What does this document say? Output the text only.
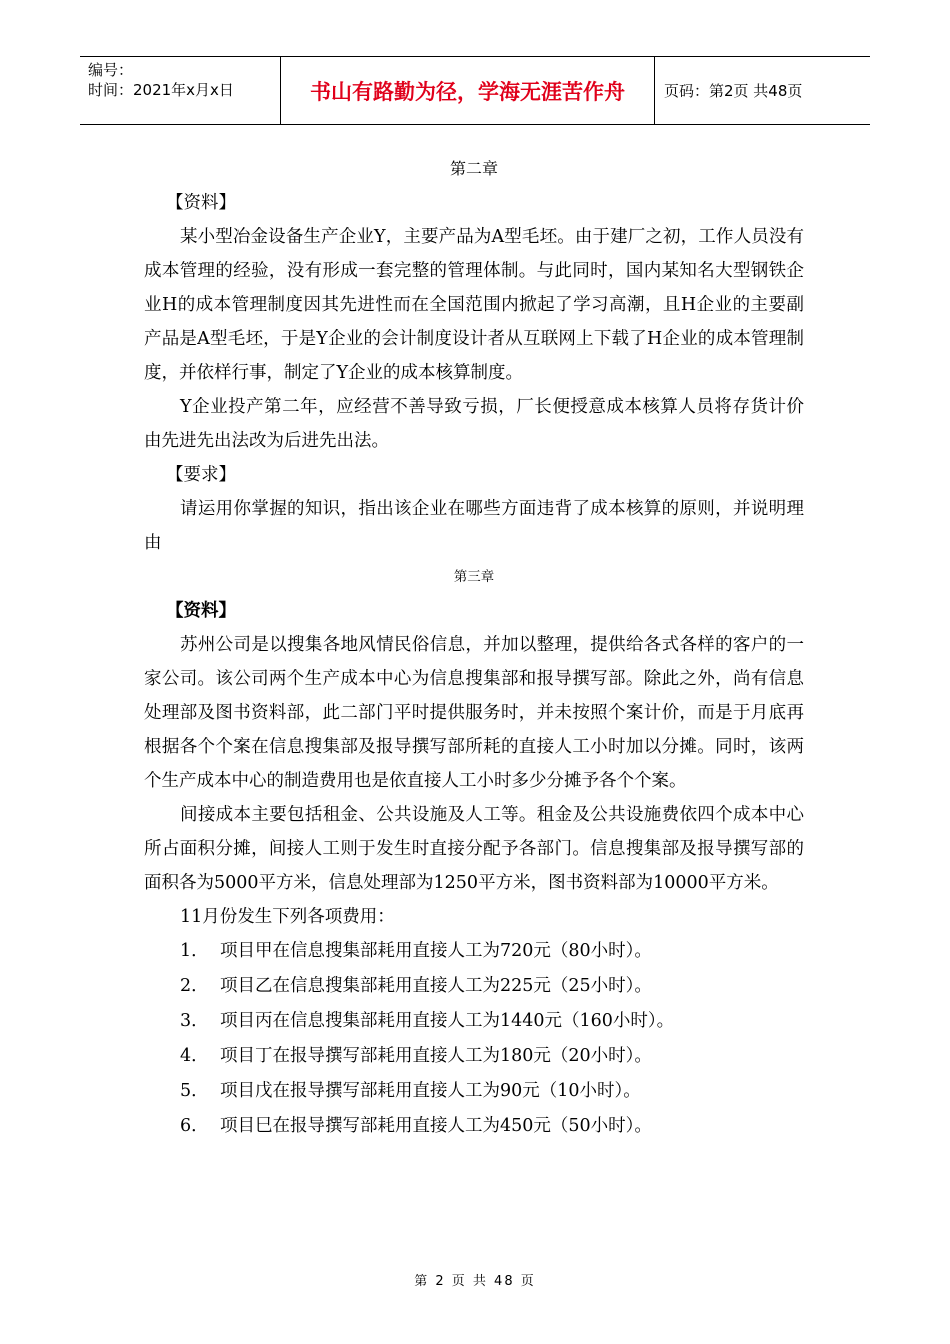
编号：
时间：2021年x月x日	书山有路勤为径，学海无涯苦作舟	页码：第2页 共48页
第二章
【资料】
某小型冶金设备生产企业Y，主要产品为A型毛坯。由于建厂之初，工作人员没有成本管理的经验，没有形成一套完整的管理体制。与此同时，国内某知名大型钢铁企业H的成本管理制度因其先进性而在全国范围内掀起了学习高潮，且H企业的主要副产品是A型毛坯，于是Y企业的会计制度设计者从互联网上下载了H企业的成本管理制度，并依样行事，制定了Y企业的成本核算制度。
Y企业投产第二年，应经营不善导致亏损，厂长便授意成本核算人员将存货计价由先进先出法改为后进先出法。
【要求】
请运用你掌握的知识，指出该企业在哪些方面违背了成本核算的原则，并说明理由
第三章
【资料】
苏州公司是以搜集各地风情民俗信息，并加以整理，提供给各式各样的客户的一家公司。该公司两个生产成本中心为信息搜集部和报导撰写部。除此之外，尚有信息处理部及图书资料部，此二部门平时提供服务时，并未按照个案计价，而是于月底再根据各个个案在信息搜集部及报导撰写部所耗的直接人工小时加以分摊。同时，该两个生产成本中心的制造费用也是依直接人工小时多少分摊予各个个案。
间接成本主要包括租金、公共设施及人工等。租金及公共设施费依四个成本中心所占面积分摊，间接人工则于发生时直接分配予各部门。信息搜集部及报导撰写部的面积各为5000平方米，信息处理部为1250平方米，图书资料部为10000平方米。
11月份发生下列各项费用：
1． 项目甲在信息搜集部耗用直接人工为720元（80小时）。
2． 项目乙在信息搜集部耗用直接人工为225元（25小时）。
3． 项目丙在信息搜集部耗用直接人工为1440元（160小时）。
4． 项目丁在报导撰写部耗用直接人工为180元（20小时）。
5． 项目戊在报导撰写部耗用直接人工为90元（10小时）。
6． 项目巳在报导撰写部耗用直接人工为450元（50小时）。
第 2 页 共 48 页
